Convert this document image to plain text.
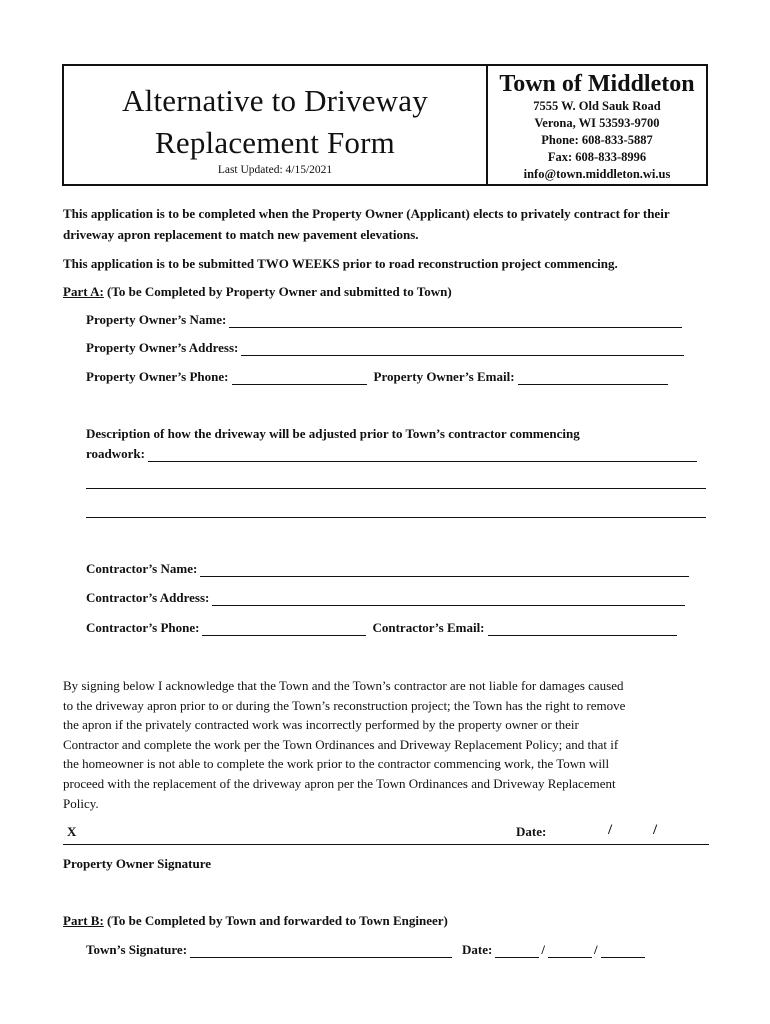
Alternative to Driveway
Replacement Form
Last Updated: 4/15/2021
Town of Middleton
7555 W. Old Sauk Road
Verona, WI 53593-9700
Phone: 608-833-5887
Fax: 608-833-8996
info@town.middleton.wi.us
This application is to be completed when the Property Owner (Applicant) elects to privately contract for their driveway apron replacement to match new pavement elevations.
This application is to be submitted TWO WEEKS prior to road reconstruction project commencing.
Part A: (To be Completed by Property Owner and submitted to Town)
Property Owner’s Name:
Property Owner’s Address:
Property Owner’s Phone:	Property Owner’s Email:
Description of how the driveway will be adjusted prior to Town’s contractor commencing
roadwork:
Contractor’s Name:
Contractor’s Address:
Contractor’s Phone:	Contractor’s Email:
By signing below I acknowledge that the Town and the Town’s contractor are not liable for damages caused
to the driveway apron prior to or during the Town’s reconstruction project; the Town has the right to remove
the apron if the privately contracted work was incorrectly performed by the property owner or their
Contractor and complete the work per the Town Ordinances and Driveway Replacement Policy; and that if
the homeowner is not able to complete the work prior to the contractor commencing work, the Town will
proceed with the replacement of the driveway apron per the Town Ordinances and Driveway Replacement
Policy.
X	Date:	/	/
Property Owner Signature
Part B: (To be Completed by Town and forwarded to Town Engineer)
Town’s Signature:	Date:	/	/
